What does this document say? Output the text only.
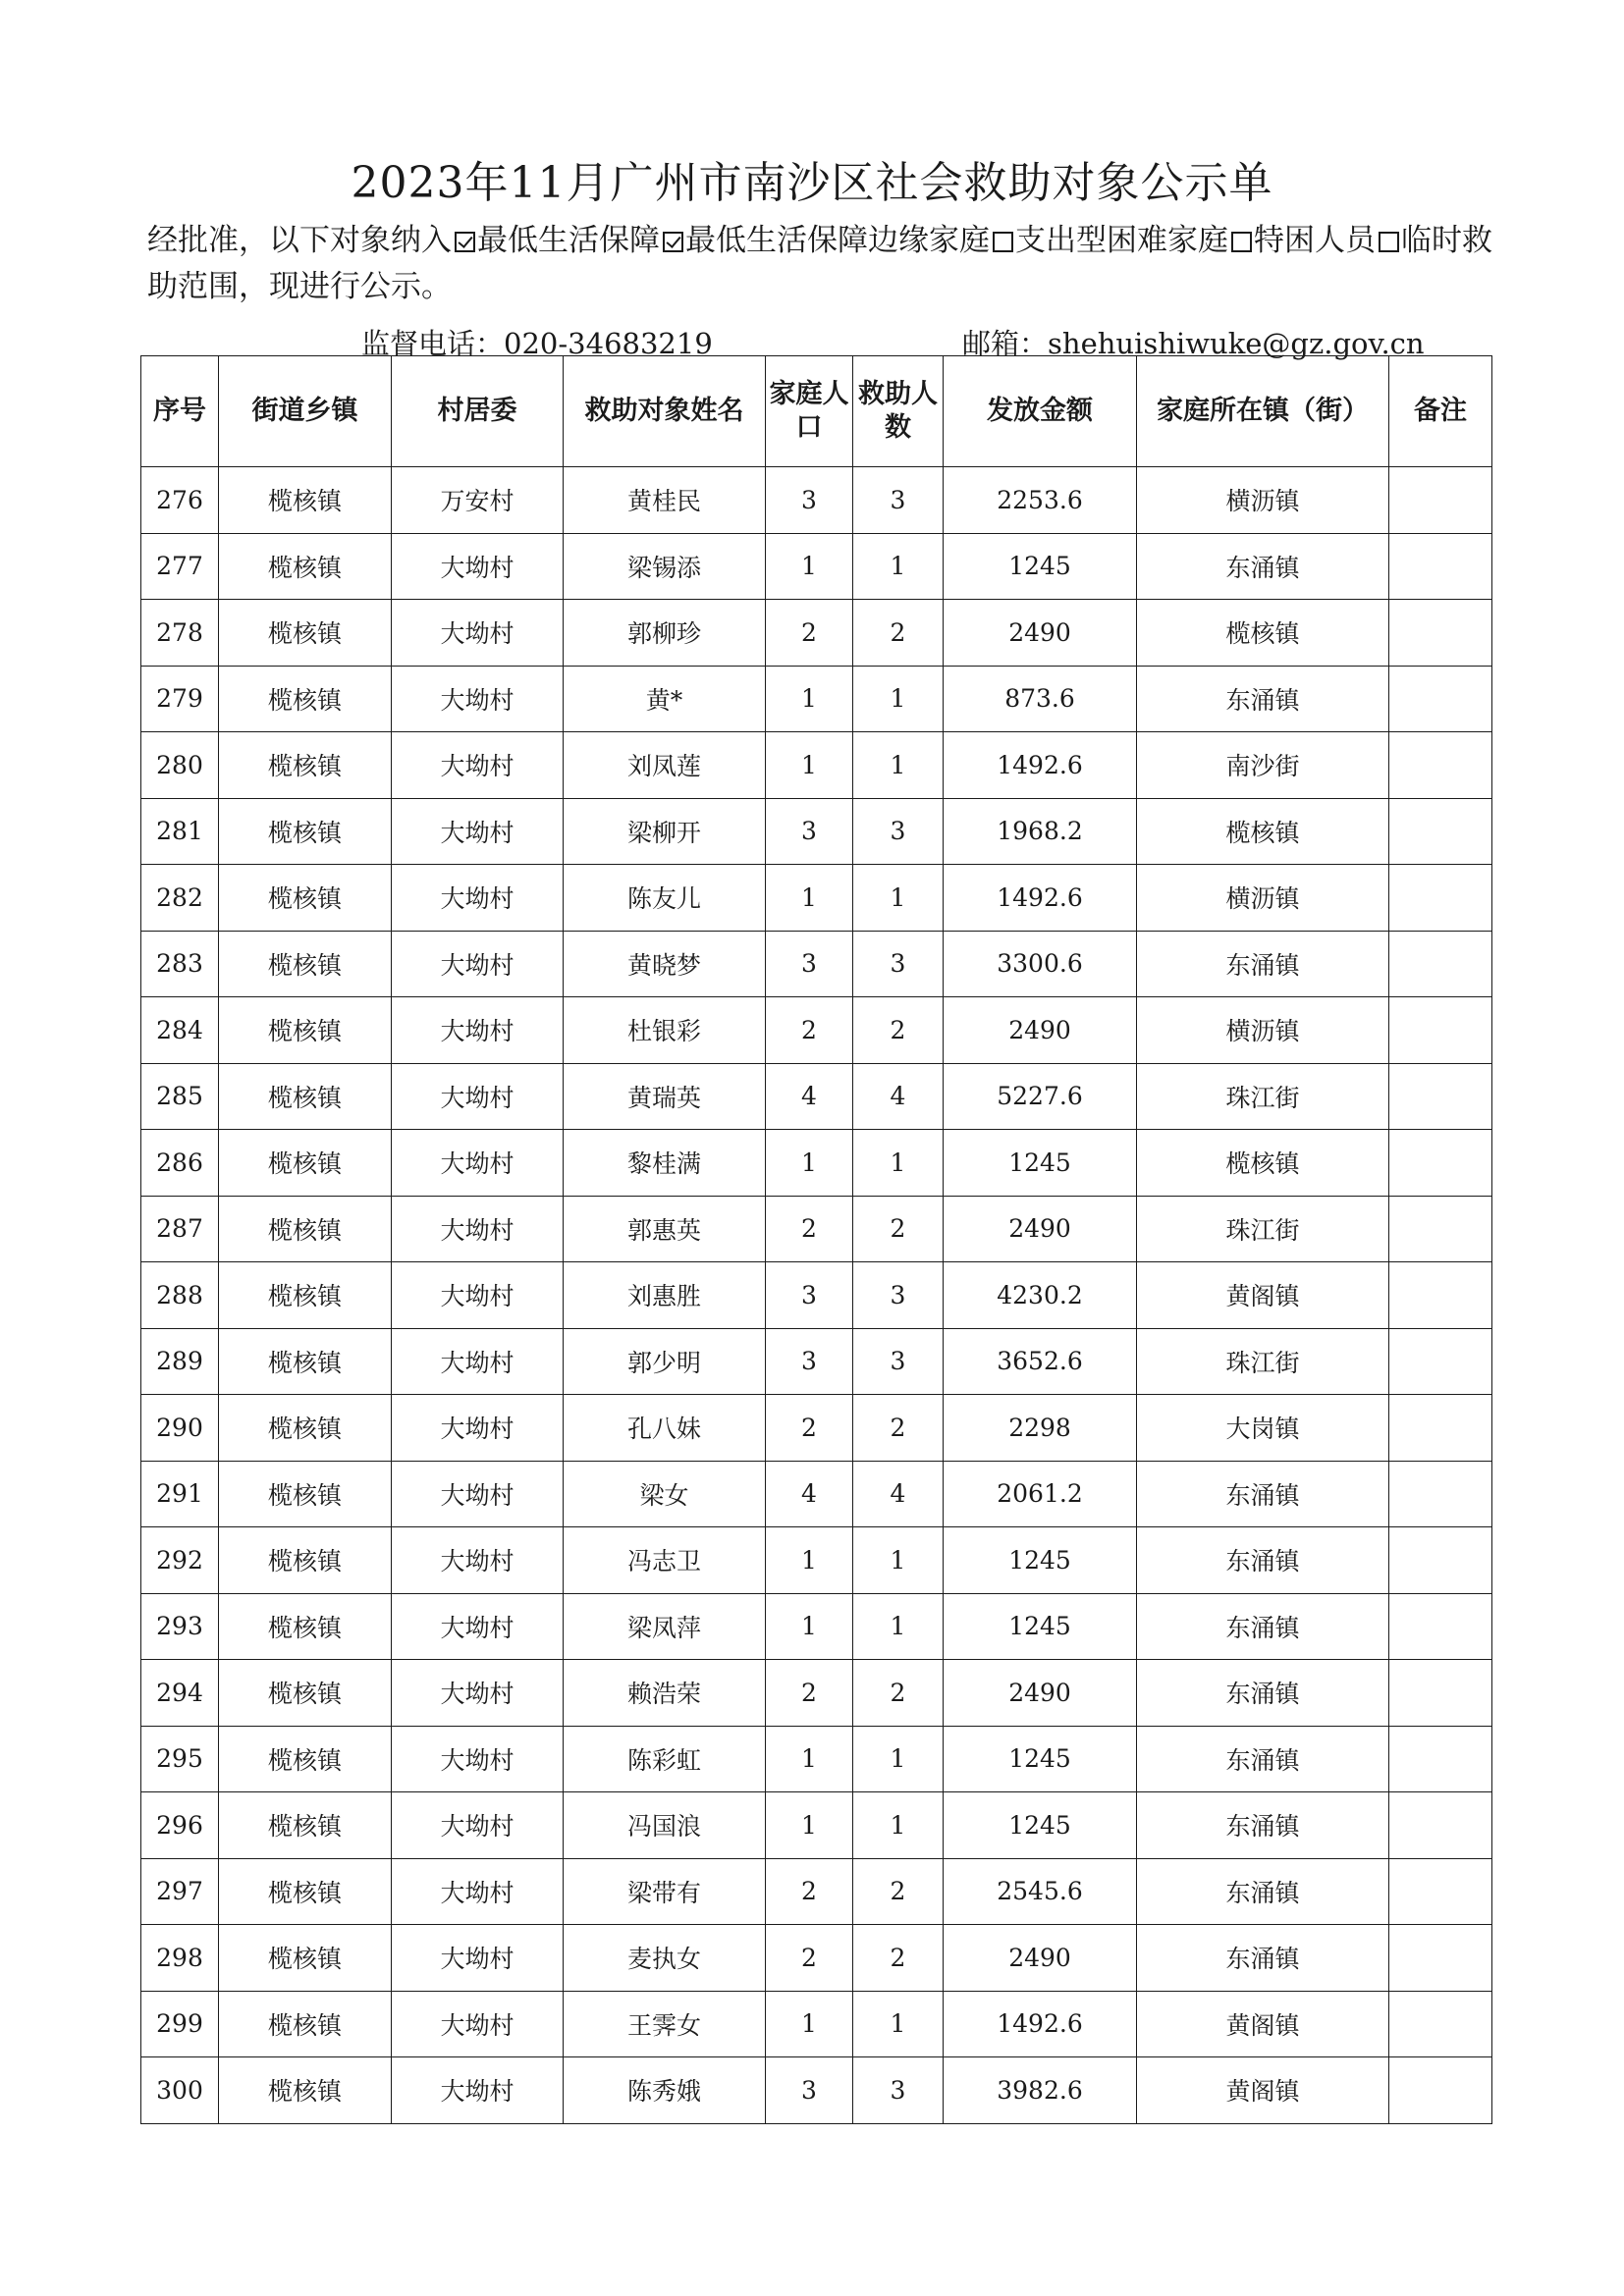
2023年11月广州市南沙区社会救助对象公示单
经批准，以下对象纳入 最低生活保障 最低生活保障边缘家庭 支出型困难家庭 特困人员 临时救助范围，现进行公示。
监督电话：020-34683219	邮箱：shehuishiwuke@gz.gov.cn
序号	街道乡镇	村居委	救助对象姓名	家庭人口	救助人数	发放金额	家庭所在镇（街）	备注
276	榄核镇	万安村	黄桂民	3	3	2253.6	横沥镇	
277	榄核镇	大坳村	梁锡添	1	1	1245	东涌镇	
278	榄核镇	大坳村	郭柳珍	2	2	2490	榄核镇	
279	榄核镇	大坳村	黄*	1	1	873.6	东涌镇	
280	榄核镇	大坳村	刘凤莲	1	1	1492.6	南沙街	
281	榄核镇	大坳村	梁柳开	3	3	1968.2	榄核镇	
282	榄核镇	大坳村	陈友儿	1	1	1492.6	横沥镇	
283	榄核镇	大坳村	黄晓梦	3	3	3300.6	东涌镇	
284	榄核镇	大坳村	杜银彩	2	2	2490	横沥镇	
285	榄核镇	大坳村	黄瑞英	4	4	5227.6	珠江街	
286	榄核镇	大坳村	黎桂满	1	1	1245	榄核镇	
287	榄核镇	大坳村	郭惠英	2	2	2490	珠江街	
288	榄核镇	大坳村	刘惠胜	3	3	4230.2	黄阁镇	
289	榄核镇	大坳村	郭少明	3	3	3652.6	珠江街	
290	榄核镇	大坳村	孔八妹	2	2	2298	大岗镇	
291	榄核镇	大坳村	梁女	4	4	2061.2	东涌镇	
292	榄核镇	大坳村	冯志卫	1	1	1245	东涌镇	
293	榄核镇	大坳村	梁凤萍	1	1	1245	东涌镇	
294	榄核镇	大坳村	赖浩荣	2	2	2490	东涌镇	
295	榄核镇	大坳村	陈彩虹	1	1	1245	东涌镇	
296	榄核镇	大坳村	冯国浪	1	1	1245	东涌镇	
297	榄核镇	大坳村	梁带有	2	2	2545.6	东涌镇	
298	榄核镇	大坳村	麦执女	2	2	2490	东涌镇	
299	榄核镇	大坳村	王霁女	1	1	1492.6	黄阁镇	
300	榄核镇	大坳村	陈秀娥	3	3	3982.6	黄阁镇	
